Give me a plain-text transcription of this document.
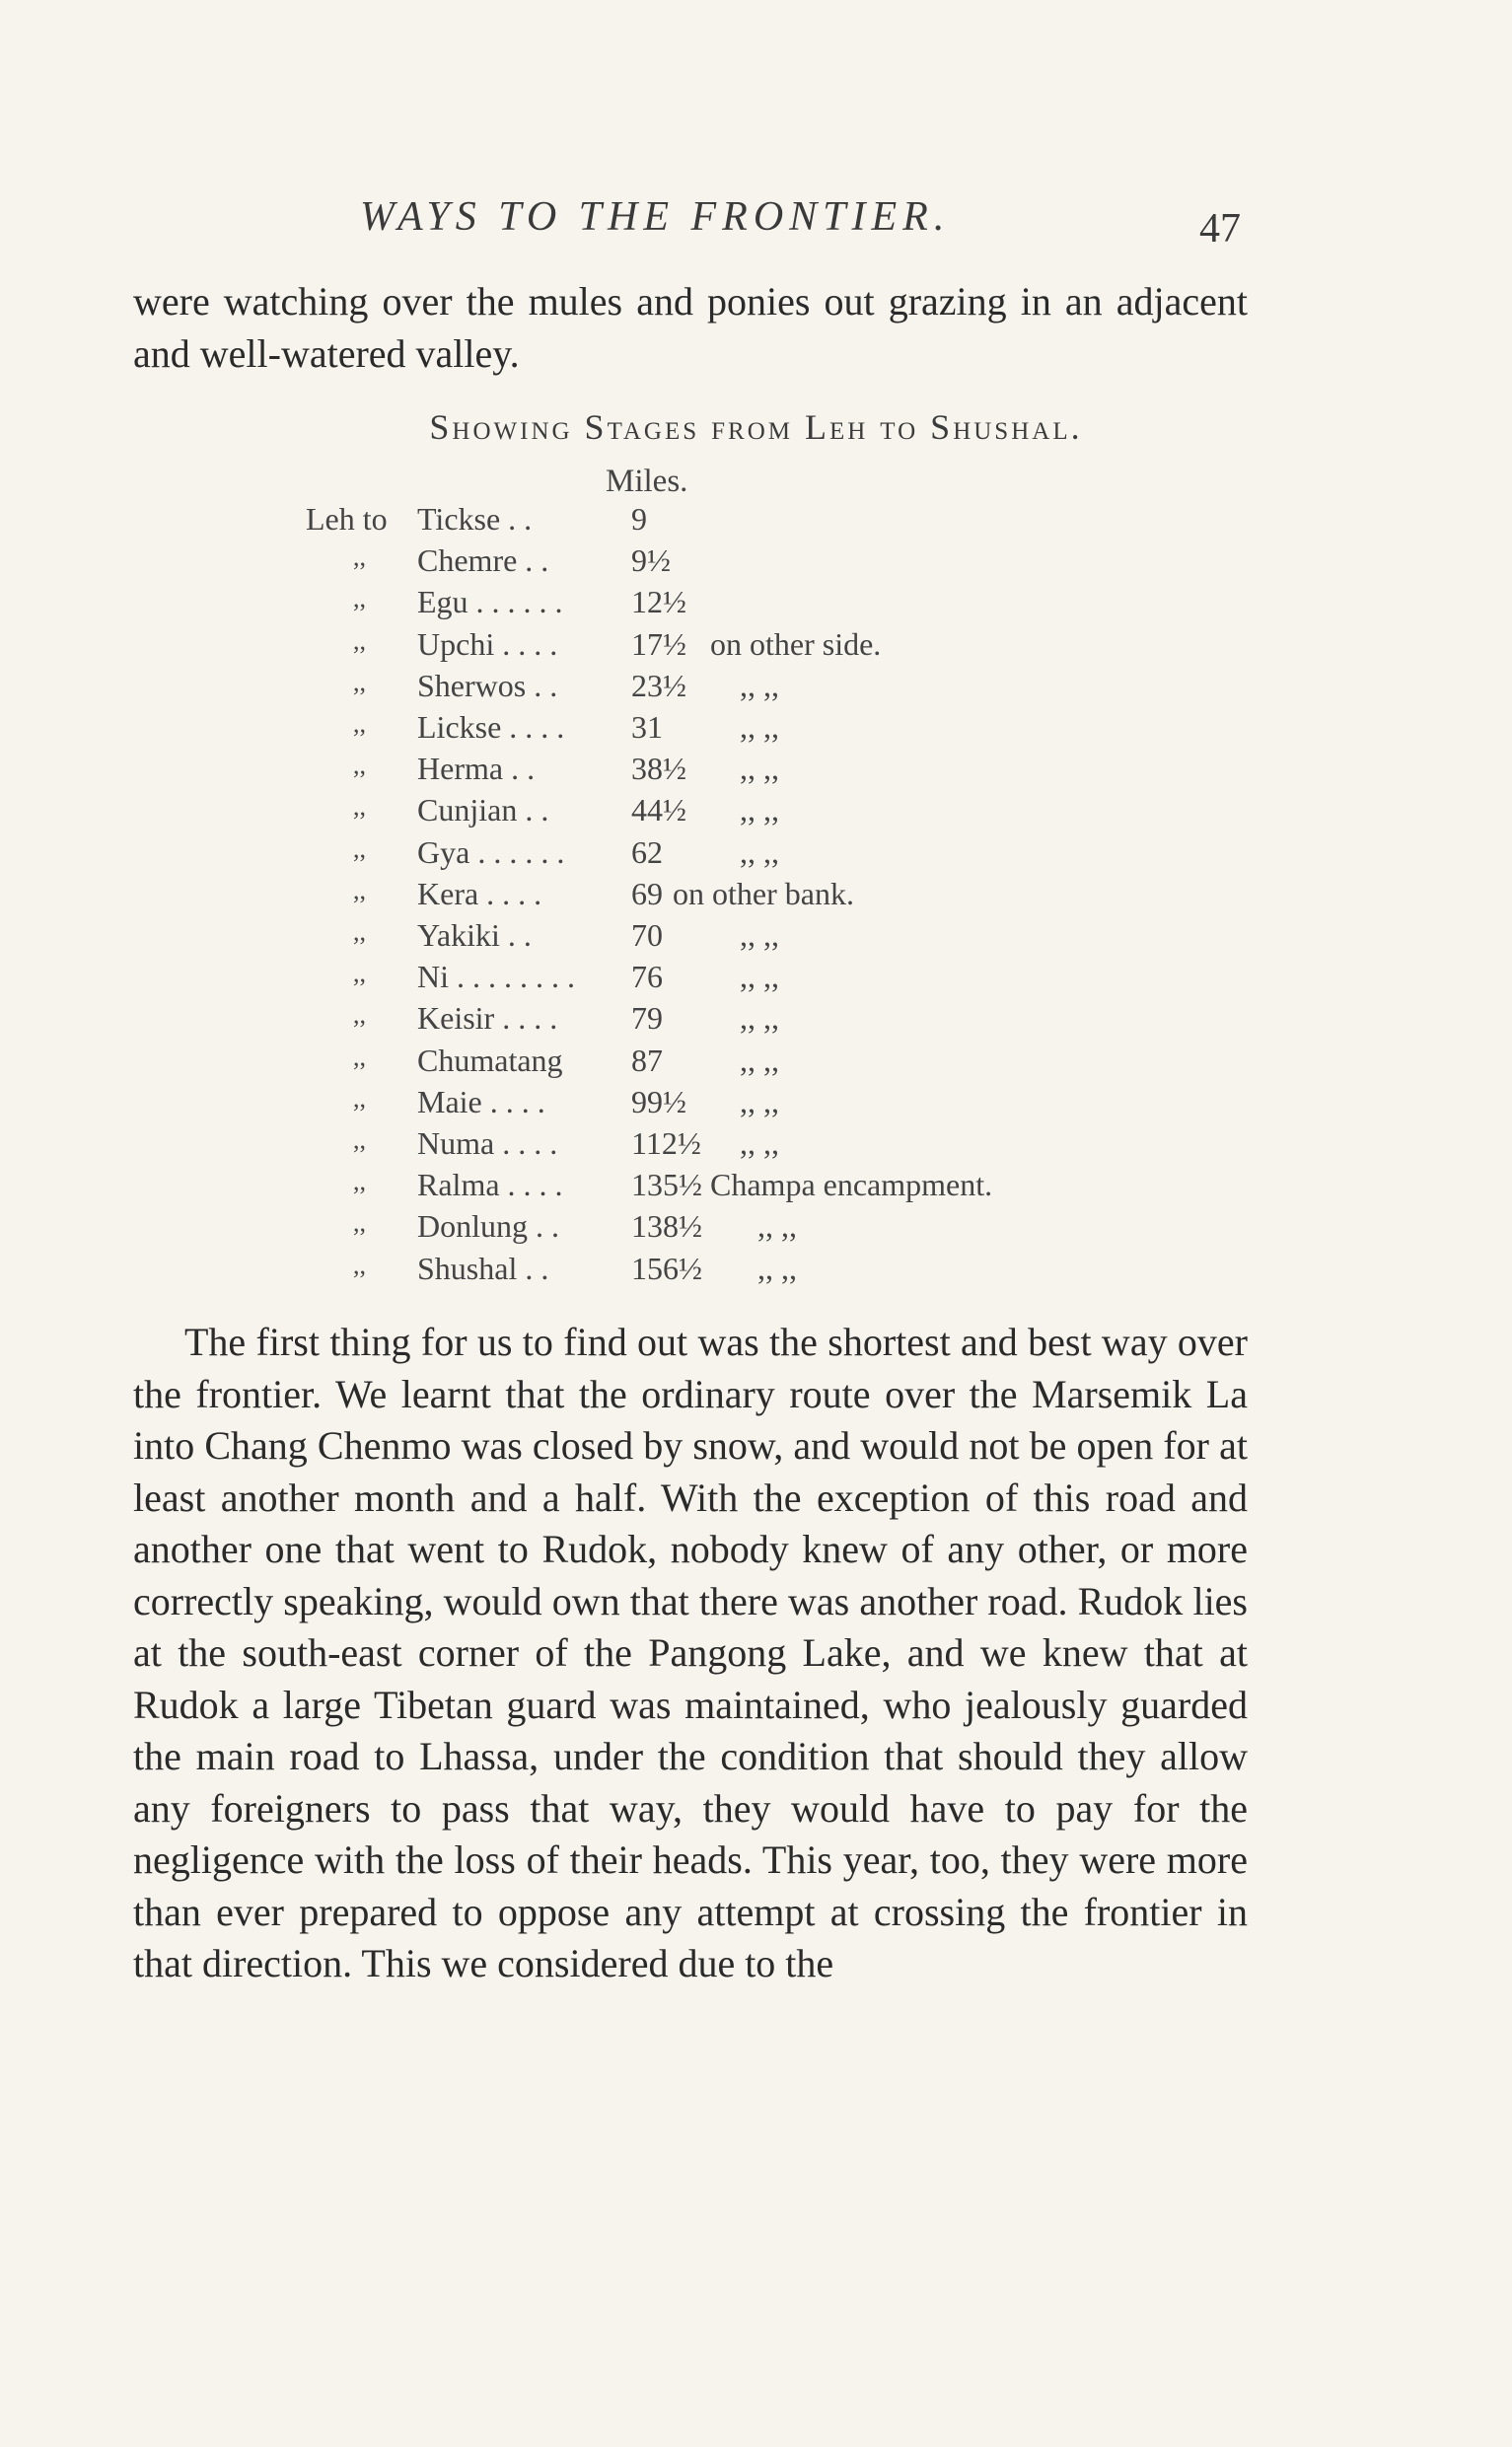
WAYS TO THE FRONTIER.	47

were watching over the mules and ponies out grazing in an adjacent and well-watered valley.

Showing Stages from Leh to Shushal.
Miles.
Leh to Tickse . .	9
,, Chemre . .	9½
,, Egu . . . . . . 12½
,, Upchi . . . . 17½ on other side.
,, Sherwos . . 23½ ,, ,,
,, Lickse . . . . 31 ,, ,,
,, Herma . .	38½ ,, ,,
,, Cunjian . .	44½ ,, ,,
,, Gya . . . . . . 62 ,, ,,
,, Kera . . . .	69 on other bank.
,, Yakiki . .	70 ,, ,,
,, Ni . . . . . . . . 76 ,, ,,
,, Keisir . . . . 79 ,, ,,
,, Chumatang 87 ,, ,,
,, Maie . . . .	99½ ,, ,,
,, Numa . . . . 112½ ,, ,,
,, Ralma . . . . 135½ Champa encampment.
,, Donlung . . 138½ ,, ,,
,, Shushal . .	156½ ,, ,,

The first thing for us to find out was the shortest and best way over the frontier. We learnt that the ordinary route over the Marsemik La into Chang Chenmo was closed by snow, and would not be open for at least another month and a half. With the exception of this road and another one that went to Rudok, nobody knew of any other, or more correctly speaking, would own that there was another road. Rudok lies at the south-east corner of the Pangong Lake, and we knew that at Rudok a large Tibetan guard was maintained, who jealously guarded the main road to Lhassa, under the condition that should they allow any foreigners to pass that way, they would have to pay for the negligence with the loss of their heads. This year, too, they were more than ever prepared to oppose any attempt at crossing the frontier in that direction. This we considered due to the
